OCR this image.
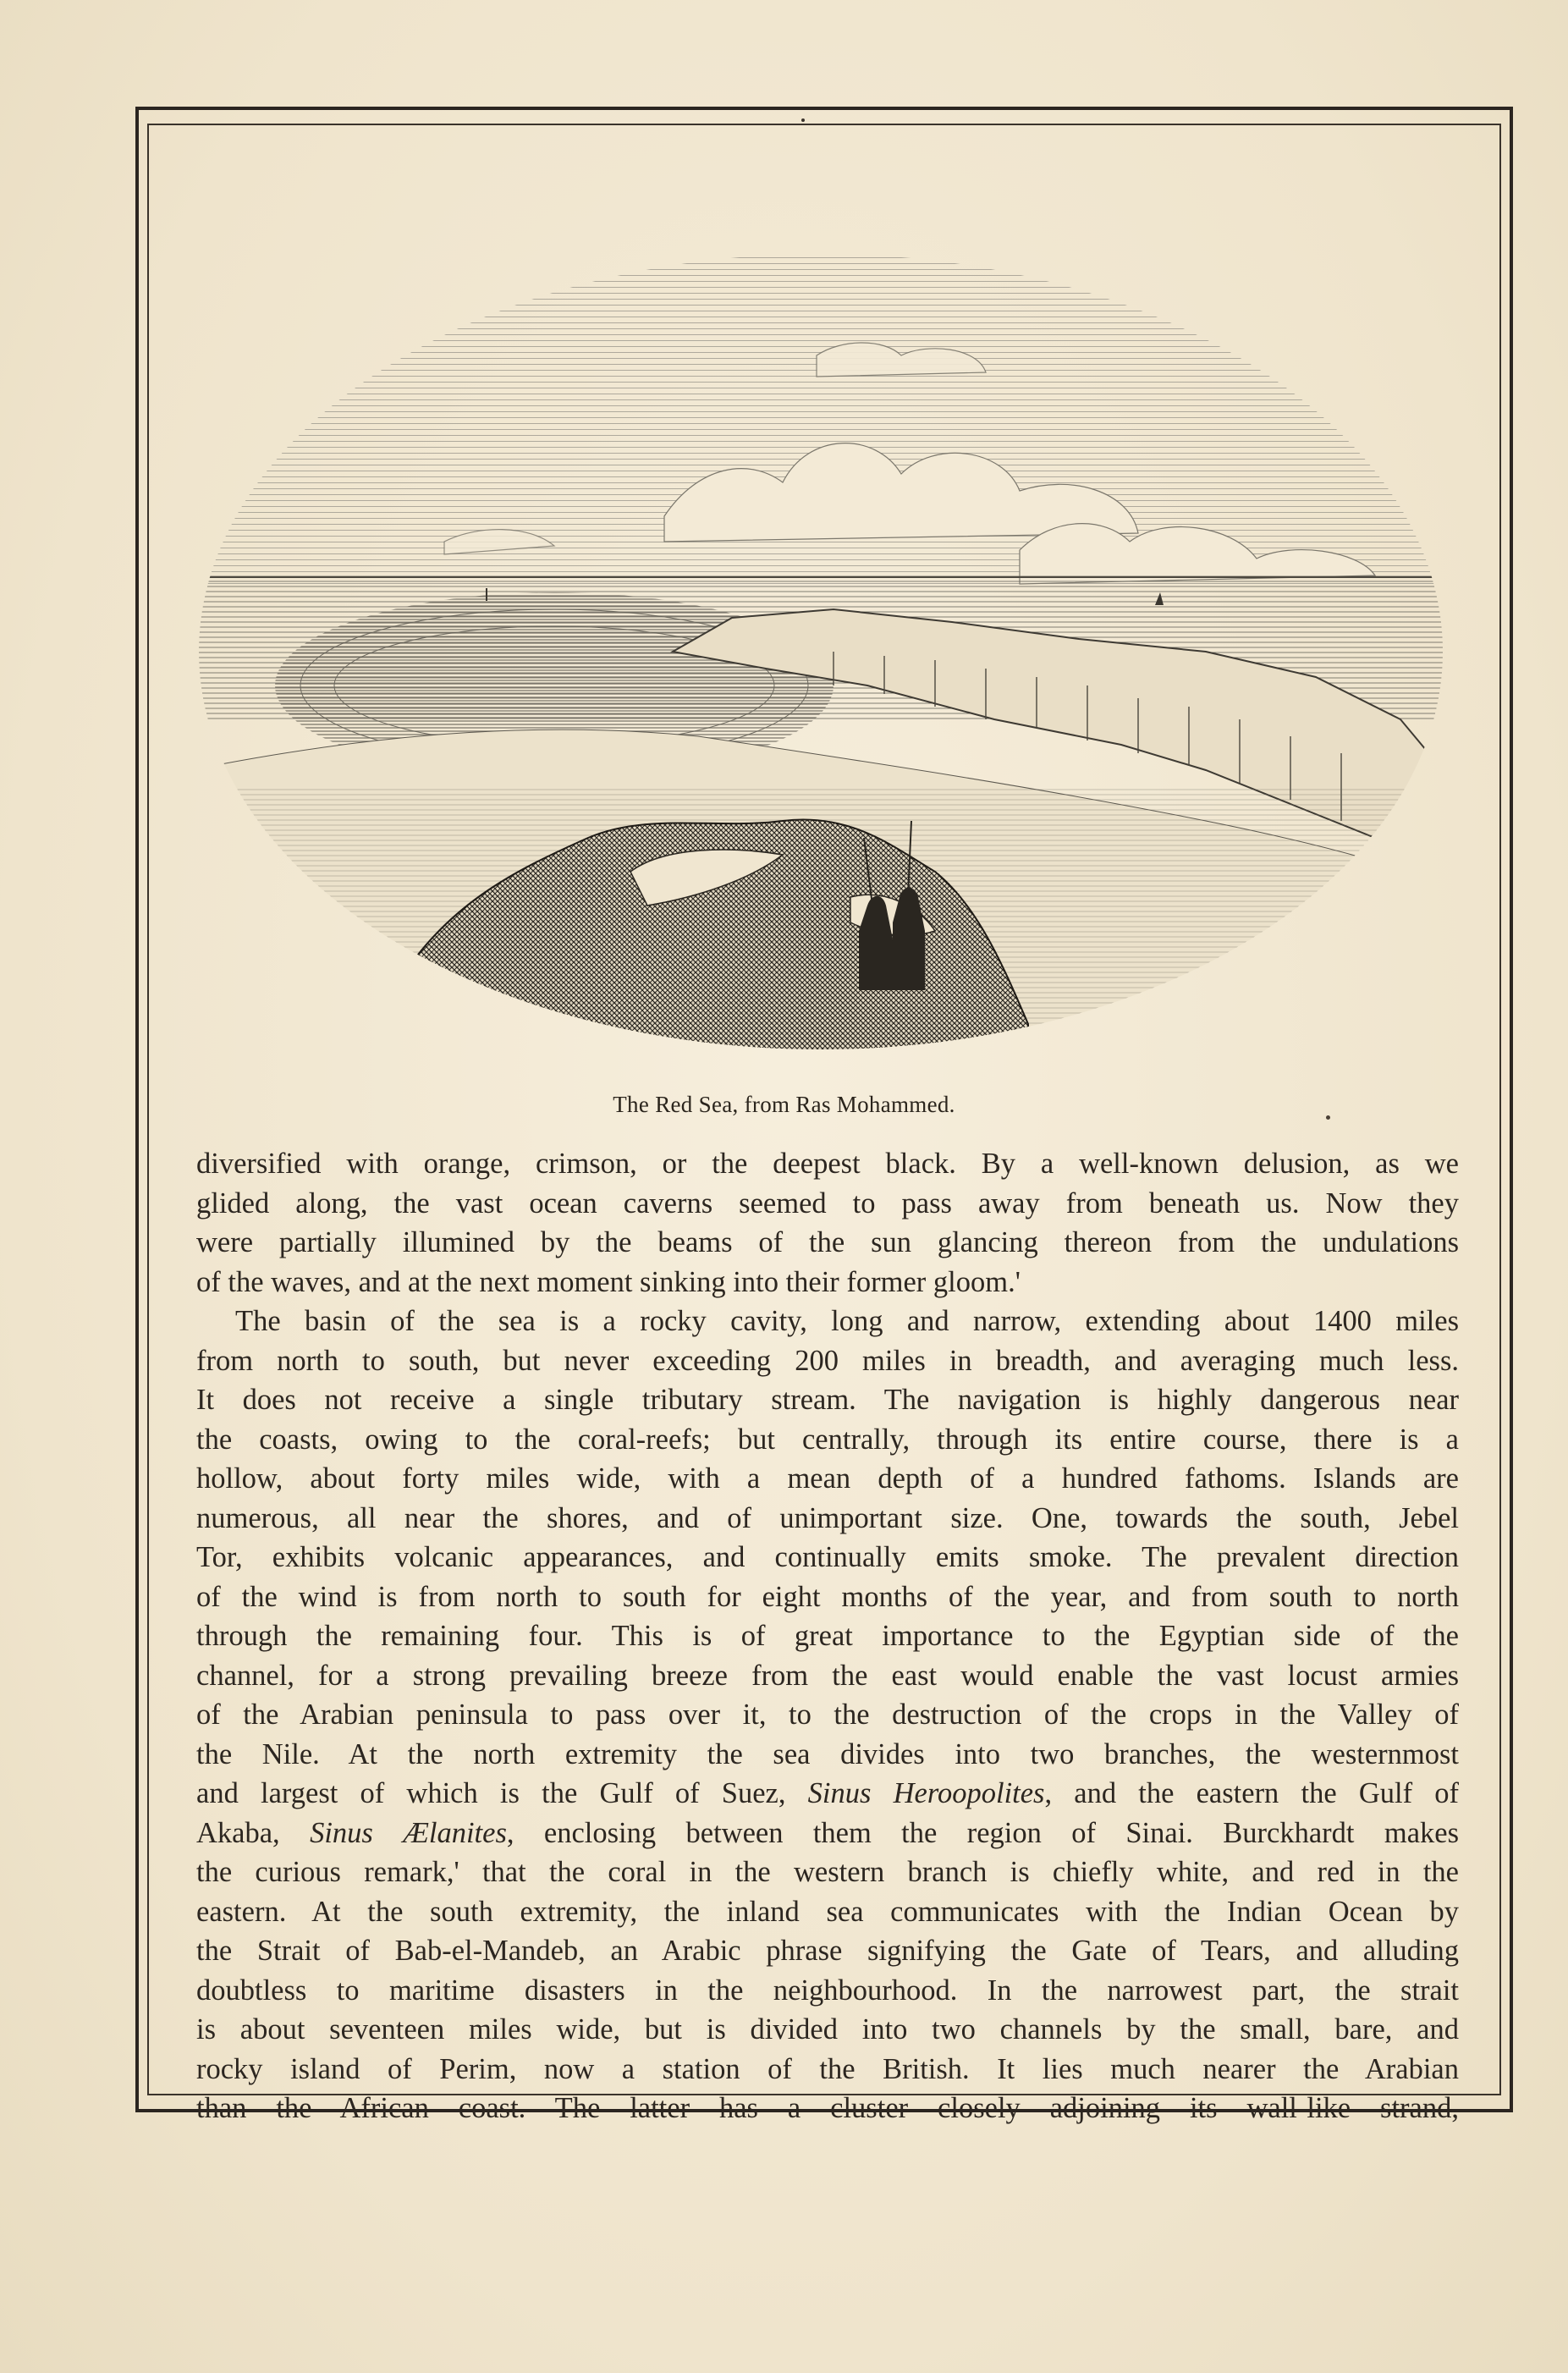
The Red Sea, from Ras Mohammed.
diversified with orange, crimson, or the deepest black. By a well-known delusion, as we
glided along, the vast ocean caverns seemed to pass away from beneath us. Now they
were partially illumined by the beams of the sun glancing thereon from the undulations
of the waves, and at the next moment sinking into their former gloom.'
The basin of the sea is a rocky cavity, long and narrow, extending about 1400 miles
from north to south, but never exceeding 200 miles in breadth, and averaging much less.
It does not receive a single tributary stream. The navigation is highly dangerous near
the coasts, owing to the coral-reefs; but centrally, through its entire course, there is a
hollow, about forty miles wide, with a mean depth of a hundred fathoms. Islands are
numerous, all near the shores, and of unimportant size. One, towards the south, Jebel
Tor, exhibits volcanic appearances, and continually emits smoke. The prevalent direction
of the wind is from north to south for eight months of the year, and from south to north
through the remaining four. This is of great importance to the Egyptian side of the
channel, for a strong prevailing breeze from the east would enable the vast locust armies
of the Arabian peninsula to pass over it, to the destruction of the crops in the Valley of
the Nile. At the north extremity the sea divides into two branches, the westernmost
and largest of which is the Gulf of Suez, Sinus Heroopolites, and the eastern the Gulf of
Akaba, Sinus Ælanites, enclosing between them the region of Sinai. Burckhardt makes
the curious remark,' that the coral in the western branch is chiefly white, and red in the
eastern. At the south extremity, the inland sea communicates with the Indian Ocean by
the Strait of Bab-el-Mandeb, an Arabic phrase signifying the Gate of Tears, and alluding
doubtless to maritime disasters in the neighbourhood. In the narrowest part, the strait
is about seventeen miles wide, but is divided into two channels by the small, bare, and
rocky island of Perim, now a station of the British. It lies much nearer the Arabian
than the African coast. The latter has a cluster closely adjoining its wall-like strand,
